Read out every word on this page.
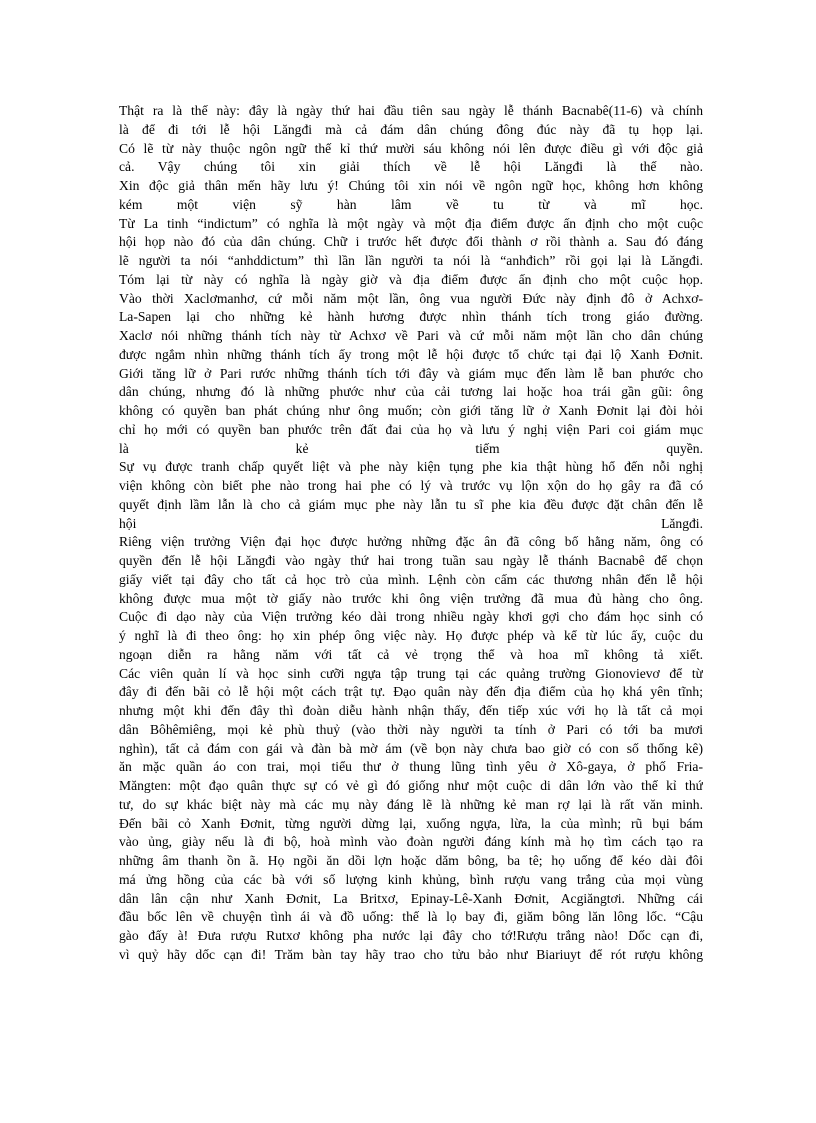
Thật ra là thế này: đây là ngày thứ hai đầu tiên sau ngày lễ thánh Bacnabê(11-6) và chính
là để đi tới lễ hội Lăngđi mà cả đám dân chúng đông đúc này đã tụ họp lại.
Có lẽ từ này thuộc ngôn ngữ thế kỉ thứ mười sáu không nói lên được điều gì với độc giả
cả. Vậy chúng tôi xin giải thích về lễ hội Lăngđi là thế nào.
Xin độc giả thân mến hãy lưu ý! Chúng tôi xin nói về ngôn ngữ học, không hơn không
kém một viện sỹ hàn lâm về tu từ và mĩ học.
Từ La tinh “indictum” có nghĩa là một ngày và một địa điểm được ấn định cho một cuộc
hội họp nào đó của dân chúng. Chữ i trước hết được đổi thành ơ rồi thành a. Sau đó đáng
lẽ người ta nói “anhddictum” thì lần lần người ta nói là “anhđich” rồi gọi lại là Lăngđi.
Tóm lại từ này có nghĩa là ngày giờ và địa điểm được ấn định cho một cuộc họp.
Vào thời Xaclơmanhơ, cứ mỗi năm một lần, ông vua người Đức này định đô ở Achxơ-
La-Sapen lại cho những kẻ hành hương được nhìn thánh tích trong giáo đường.
Xaclơ nói những thánh tích này từ Achxơ về Pari và cứ mỗi năm một lần cho dân chúng
được ngắm nhìn những thánh tích ấy trong một lễ hội được tổ chức tại đại lộ Xanh Đơnit.
Giới tăng lữ ở Pari rước những thánh tích tới đây và giám mục đến làm lễ ban phước cho
dân chúng, nhưng đó là những phước như của cải tương lai hoặc hoa trái gần gũi: ông
không có quyền ban phát chúng như ông muốn; còn giới tăng lữ ở Xanh Đơnit lại đòi hỏi
chỉ họ mới có quyền ban phước trên đất đai của họ và lưu ý nghị viện Pari coi giám mục
là kẻ tiếm quyền.
Sự vụ được tranh chấp quyết liệt và phe này kiện tụng phe kia thật hùng hổ đến nỗi nghị
viện không còn biết phe nào trong hai phe có lý và trước vụ lộn xộn do họ gây ra đã có
quyết định lầm lẫn là cho cả giám mục phe này lẫn tu sĩ phe kia đều được đặt chân đến lễ
hội Lăngđi.
Riêng viện trưởng Viện đại học được hưởng những đặc ân đã công bố hằng năm, ông có
quyền đến lễ hội Lăngđi vào ngày thứ hai trong tuần sau ngày lễ thánh Bacnabê để chọn
giấy viết tại đây cho tất cả học trò của mình. Lệnh còn cấm các thương nhân đến lễ hội
không được mua một tờ giấy nào trước khi ông viện trưởng đã mua đủ hàng cho ông.
Cuộc đi dạo này của Viện trưởng kéo dài trong nhiều ngày khơi gợi cho đám học sinh có
ý nghĩ là đi theo ông: họ xin phép ông việc này. Họ được phép và kể từ lúc ấy, cuộc du
ngoạn diễn ra hằng năm với tất cả vẻ trọng thể và hoa mĩ không tả xiết.
Các viên quản lí và học sinh cưỡi ngựa tập trung tại các quảng trường Gionovievơ để từ
đây đi đến bãi cỏ lễ hội một cách trật tự. Đạo quân này đến địa điểm của họ khá yên tĩnh;
nhưng một khi đến đây thì đoàn diễu hành nhận thấy, đến tiếp xúc với họ là tất cả mọi
dân Bôhêmiêng, mọi kẻ phù thuỷ (vào thời này người ta tính ở Pari có tới ba mươi
nghìn), tất cả đám con gái và đàn bà mờ ám (về bọn này chưa bao giờ có con số thống kê)
ăn mặc quần áo con trai, mọi tiểu thư ở thung lũng tình yêu ở Xô-gaya, ở phố Fria-
Măngten: một đạo quân thực sự có vẻ gì đó giống như một cuộc di dân lớn vào thế kỉ thứ
tư, do sự khác biệt này mà các mụ này đáng lẽ là những kẻ man rợ lại là rất văn minh.
Đến bãi cỏ Xanh Đơnit, từng người dừng lại, xuống ngựa, lừa, la của mình; rũ bụi bám
vào ủng, giày nếu là đi bộ, hoà mình vào đoàn người đáng kính mà họ tìm cách tạo ra
những âm thanh ồn ã. Họ ngồi ăn dồi lợn hoặc dăm bông, ba tê; họ uống để kéo dài đôi
má ửng hồng của các bà với số lượng kinh khủng, bình rượu vang trắng của mọi vùng
dân lân cận như Xanh Đơnit, La Britxơ, Epinay-Lê-Xanh Đơnit, Acgiăngtơi. Những cái
đầu bốc lên về chuyện tình ái và đồ uống: thế là lọ bay đi, giăm bông lăn lông lốc. “Cậu
gào đấy à! Đưa rượu Rutxơ không pha nước lại đây cho tớ!Rượu trắng nào! Dốc cạn đi,
vì quỷ hãy dốc cạn đi! Trăm bàn tay hãy trao cho tửu bảo như Biariuyt để rót rượu không
